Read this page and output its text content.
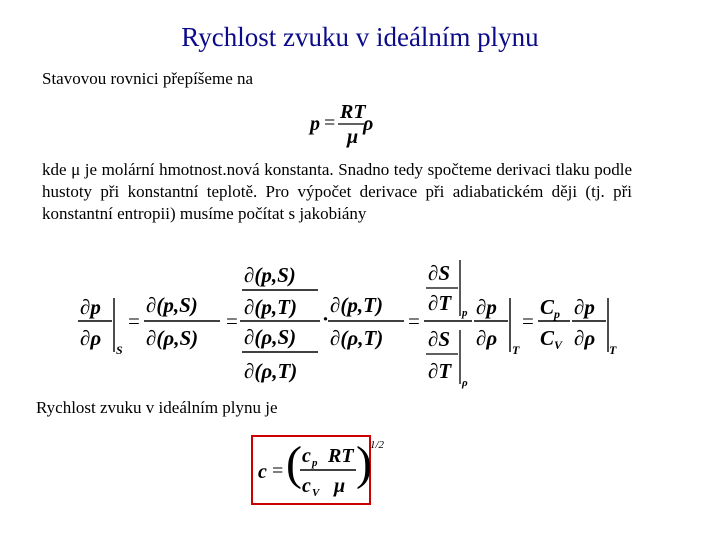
Rychlost zvuku v ideálním plynu
Stavovou rovnici přepíšeme na
p = RT
μ
ρ
kde μ je molární hmotnost.nová konstanta. Snadno tedy spočteme derivaci tlaku podle hustoty při konstantní teplotě. Pro výpočet derivace při adiabatickém ději (tj. při konstantní entropii) musíme počítat s jakobiány
∂p
∂ρ S
=
∂(p,S)
∂(ρ,S)
=
∂(p,S)
∂(p,T)
∂(ρ,S)
∂(ρ,T)
·
∂(p,T)
∂(ρ,T)
=
∂S
∂T p
∂S
∂T ρ
∂p
∂ρ T
=
Cp
CV
∂p
∂ρ T
Rychlost zvuku v ideálním plynu je
c = ( c p RT
c V μ )
1/2
